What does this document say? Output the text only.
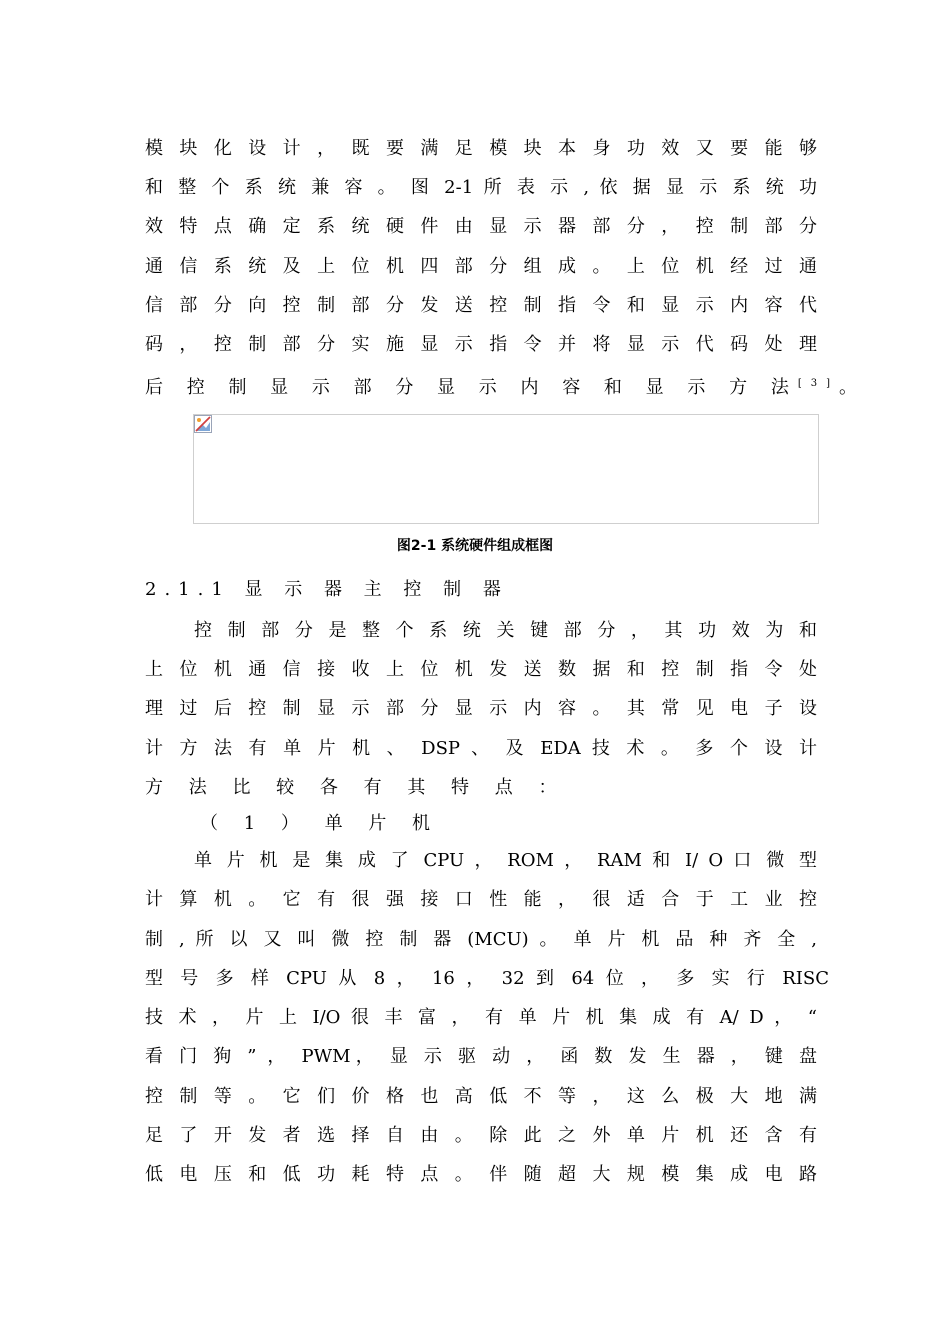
模 块 化 设 计 ， 既 要 满 足 模 块 本 身 功 效 又 要 能 够
和 整 个 系 统 兼 容 。 图 2-1 所 表 示 , 依 据 显 示 系 统 功
效 特 点 确 定 系 统 硬 件 由 显 示 器 部 分 ， 控 制 部 分
通 信 系 统 及 上 位 机 四 部 分 组 成 。 上 位 机 经 过 通
信 部 分 向 控 制 部 分 发 送 控 制 指 令 和 显 示 内 容 代
码 ， 控 制 部 分 实 施 显 示 指 令 并 将 显 示 代 码 处 理
后 控 制 显 示 部 分 显 示 内 容 和 显 示 方 法[3]。
图2-1 系统硬件组成框图
2.1.1 显 示 器 主 控 制 器
控 制 部 分 是 整 个 系 统 关 键 部 分 ， 其 功 效 为 和
上 位 机 通 信 接 收 上 位 机 发 送 数 据 和 控 制 指 令 处
理 过 后 控 制 显 示 部 分 显 示 内 容 。 其 常 见 电 子 设
计 方 法 有 单 片 机 、 DSP 、 及 EDA 技 术 。 多 个 设 计
方 法 比 较 各 有 其 特 点 ：
（ 1 ） 单 片 机
单 片 机 是 集 成 了 CPU ， ROM ， RAM 和 I/ O 口 微 型
计 算 机 。 它 有 很 强 接 口 性 能 ， 很 适 合 于 工 业 控
制 , 所 以 又 叫 微 控 制 器 (MCU) 。 单 片 机 品 种 齐 全 ,
型 号 多 样 CPU 从 8 ， 16 ， 32 到 64 位 ， 多 实 行 RISC
技 术 ， 片 上 I/O 很 丰 富 ， 有 单 片 机 集 成 有 A/ D ， “
看 门 狗 ” ， PWM， 显 示 驱 动 ， 函 数 发 生 器 ， 键 盘
控 制 等 。 它 们 价 格 也 高 低 不 等 ， 这 么 极 大 地 满
足 了 开 发 者 选 择 自 由 。 除 此 之 外 单 片 机 还 含 有
低 电 压 和 低 功 耗 特 点 。 伴 随 超 大 规 模 集 成 电 路
